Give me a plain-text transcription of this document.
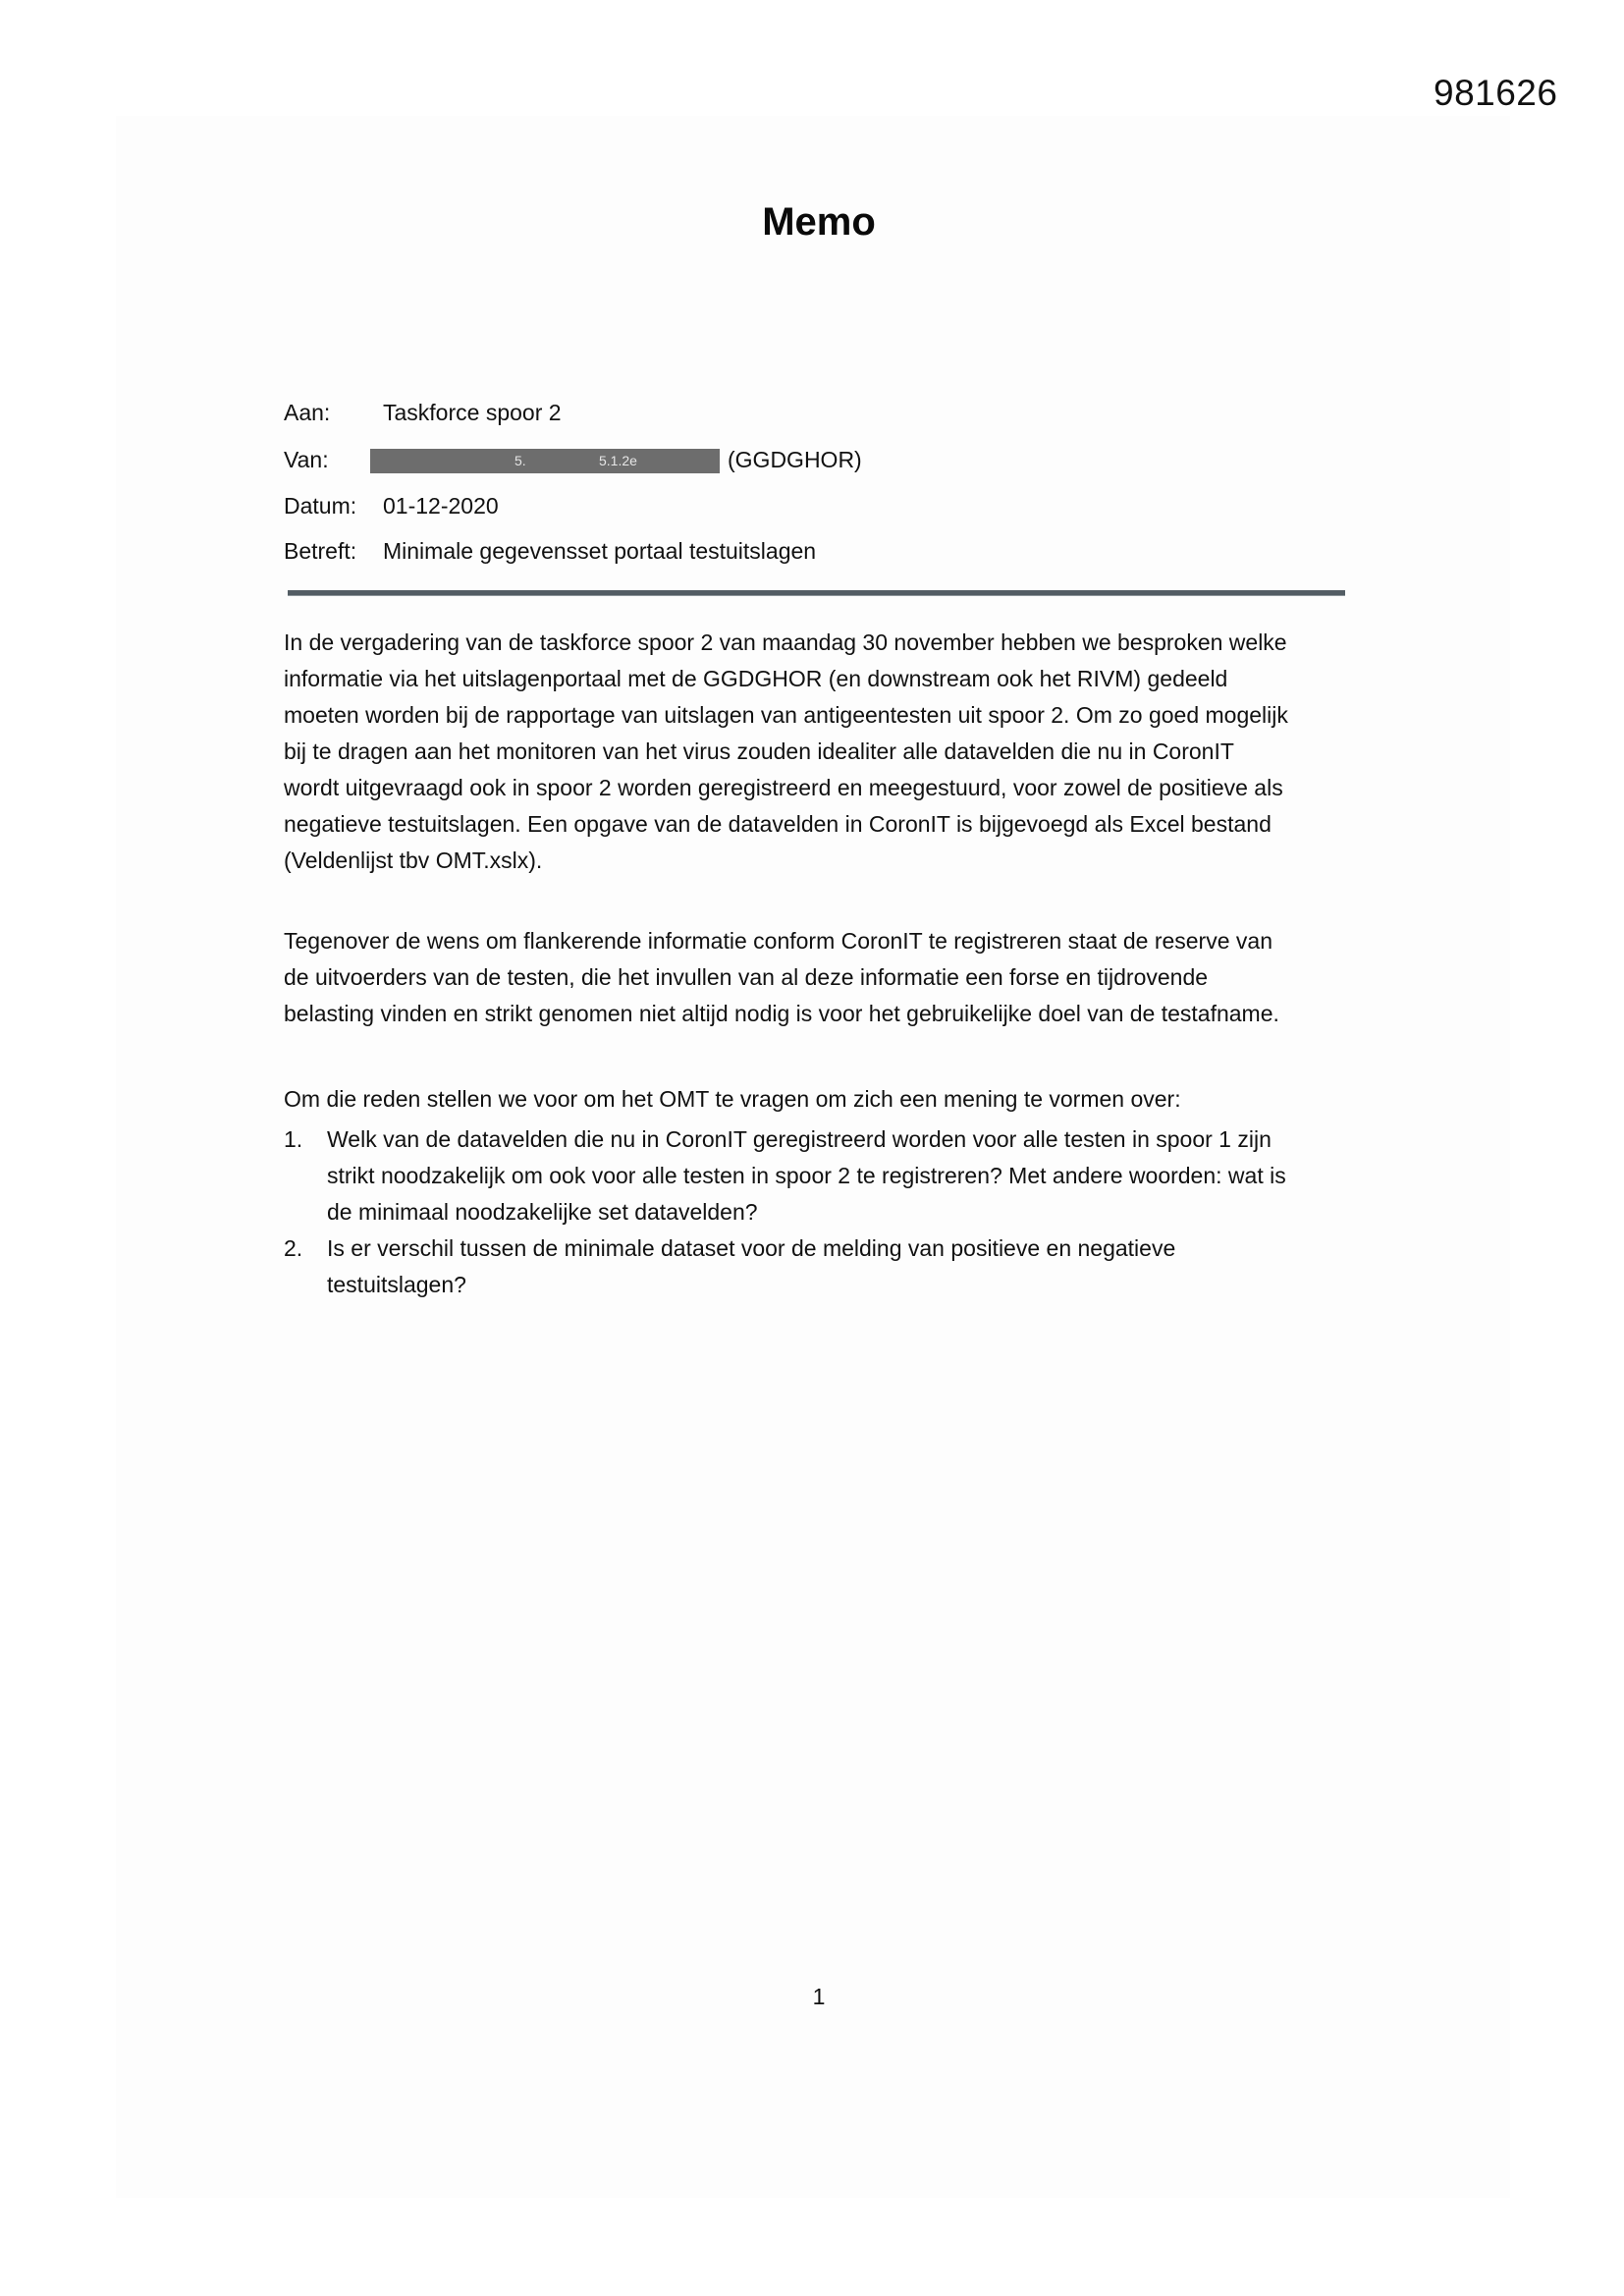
981626
Memo
Aan: Taskforce spoor 2
Van:	5.	5.1.2e	(GGDGHOR)
Datum: 01-12-2020
Betreft: Minimale gegevensset portaal testuitslagen

In de vergadering van de taskforce spoor 2 van maandag 30 november hebben we besproken welke
informatie via het uitslagenportaal met de GGDGHOR (en downstream ook het RIVM) gedeeld
moeten worden bij de rapportage van uitslagen van antigeentesten uit spoor 2. Om zo goed mogelijk
bij te dragen aan het monitoren van het virus zouden idealiter alle datavelden die nu in CoronIT
wordt uitgevraagd ook in spoor 2 worden geregistreerd en meegestuurd, voor zowel de positieve als
negatieve testuitslagen. Een opgave van de datavelden in CoronIT is bijgevoegd als Excel bestand
(Veldenlijst tbv OMT.xslx).

Tegenover de wens om flankerende informatie conform CoronIT te registreren staat de reserve van
de uitvoerders van de testen, die het invullen van al deze informatie een forse en tijdrovende
belasting vinden en strikt genomen niet altijd nodig is voor het gebruikelijke doel van de testafname.

Om die reden stellen we voor om het OMT te vragen om zich een mening te vormen over:

1. Welk van de datavelden die nu in CoronIT geregistreerd worden voor alle testen in spoor 1 zijn
strikt noodzakelijk om ook voor alle testen in spoor 2 te registreren? Met andere woorden: wat is
de minimaal noodzakelijke set datavelden?
2. Is er verschil tussen de minimale dataset voor de melding van positieve en negatieve
testuitslagen?
1
